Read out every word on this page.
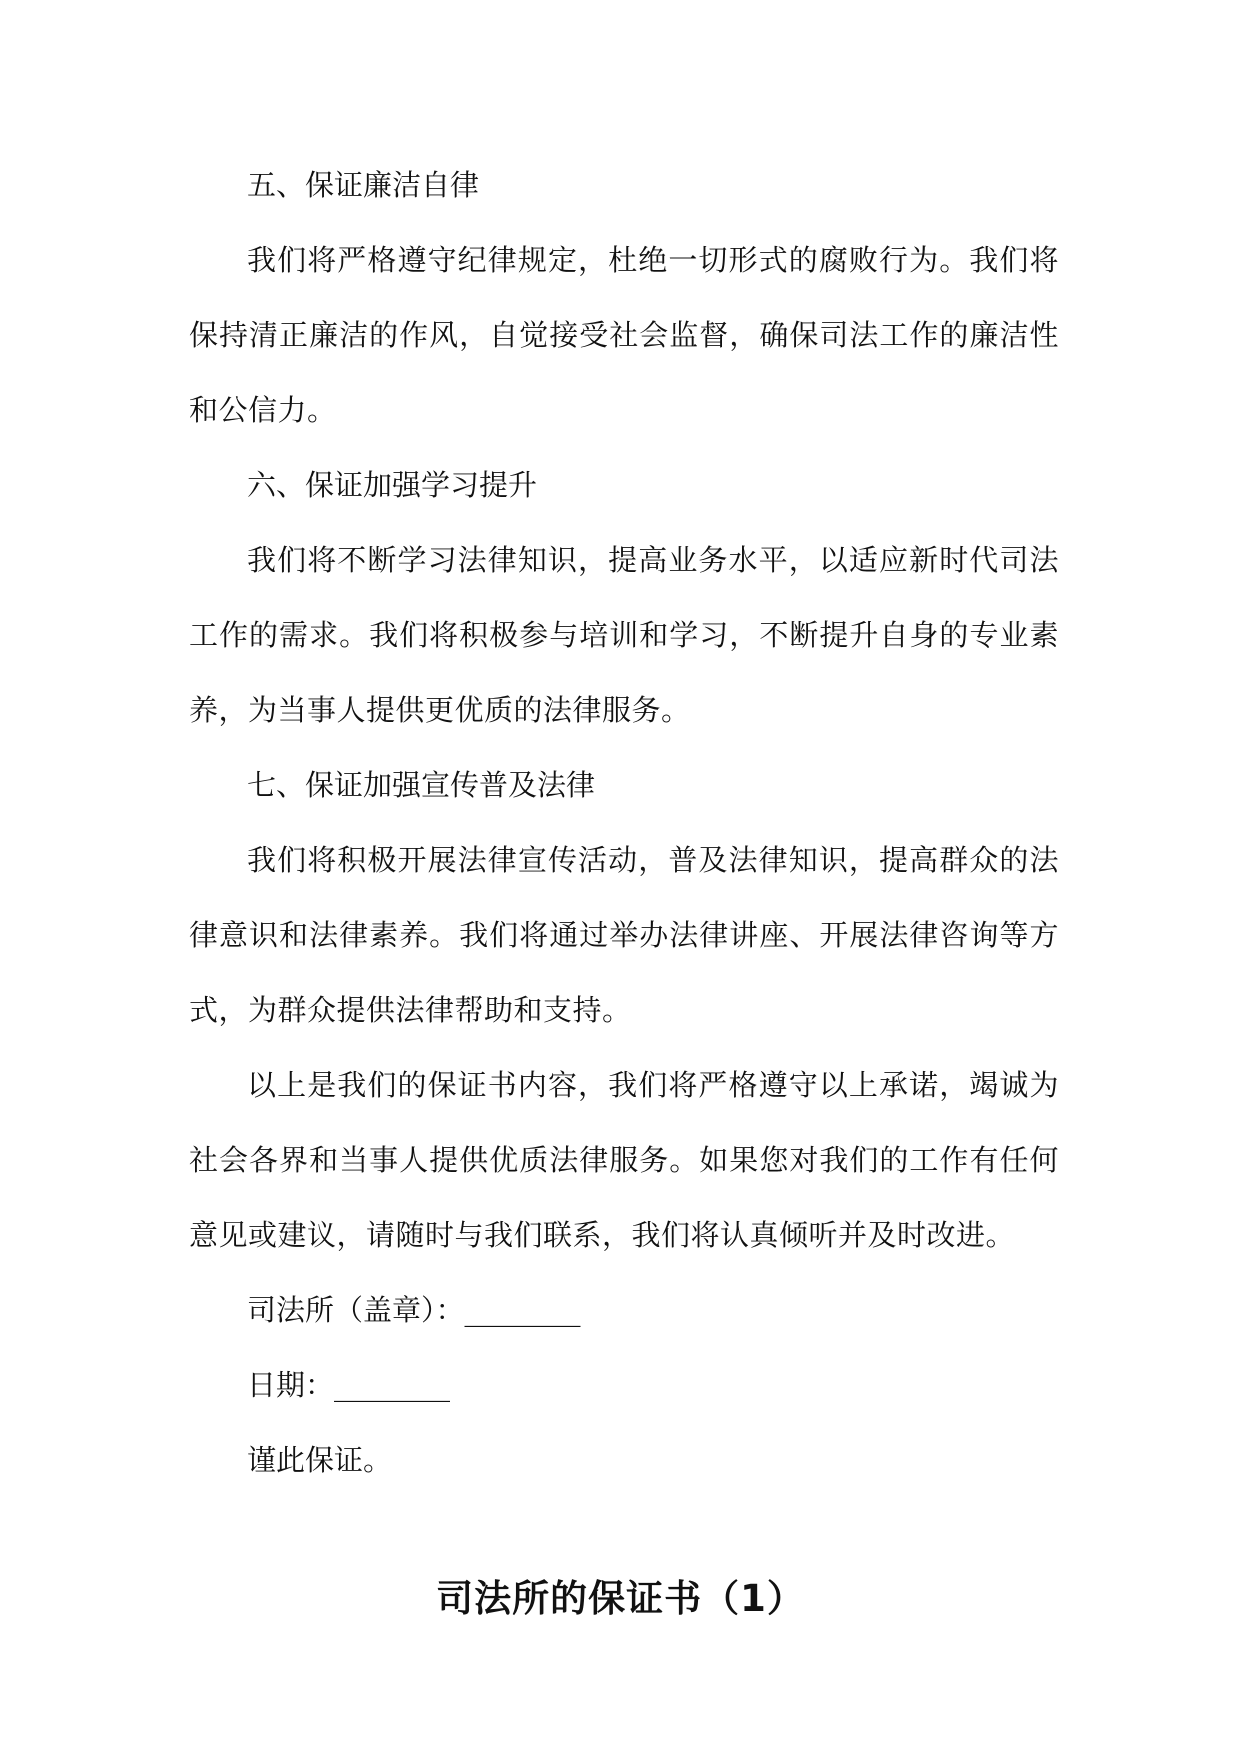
五、保证廉洁自律

我们将严格遵守纪律规定，杜绝一切形式的腐败行为。我们将保持清正廉洁的作风，自觉接受社会监督，确保司法工作的廉洁性和公信力。

六、保证加强学习提升

我们将不断学习法律知识，提高业务水平，以适应新时代司法工作的需求。我们将积极参与培训和学习，不断提升自身的专业素养，为当事人提供更优质的法律服务。

七、保证加强宣传普及法律

我们将积极开展法律宣传活动，普及法律知识，提高群众的法律意识和法律素养。我们将通过举办法律讲座、开展法律咨询等方式，为群众提供法律帮助和支持。

以上是我们的保证书内容，我们将严格遵守以上承诺，竭诚为社会各界和当事人提供优质法律服务。如果您对我们的工作有任何意见或建议，请随时与我们联系，我们将认真倾听并及时改进。

司法所（盖章）：________

日期：________

谨此保证。

司法所的保证书（1）
